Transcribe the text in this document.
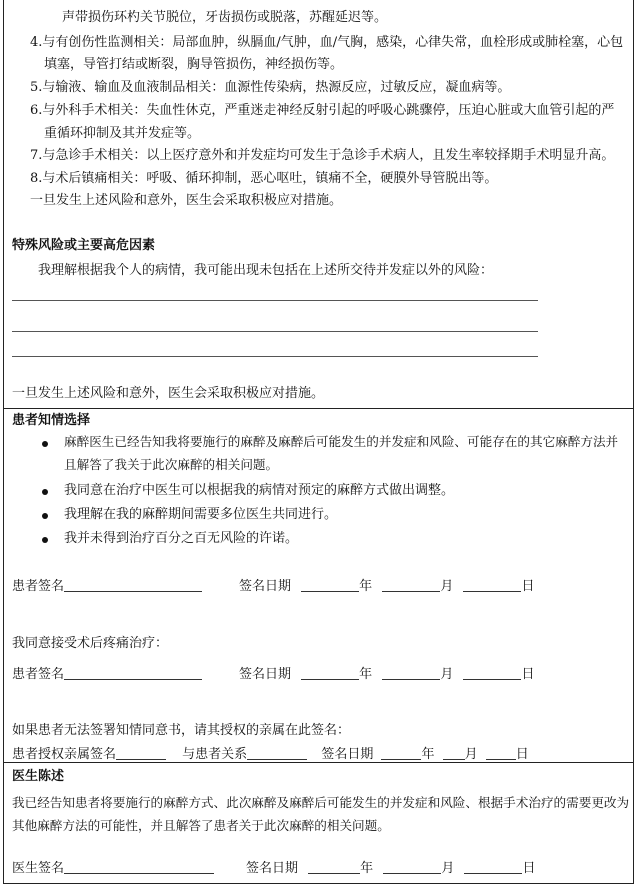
声带损伤环杓关节脱位，牙齿损伤或脱落，苏醒延迟等。
4.与有创伤性监测相关：局部血肿，纵膈血/气肿，血/气胸，感染，心律失常，血栓形成或肺栓塞，心包
填塞，导管打结或断裂，胸导管损伤，神经损伤等。
5.与输液、输血及血液制品相关：血源性传染病，热源反应，过敏反应，凝血病等。
6.与外科手术相关：失血性休克，严重迷走神经反射引起的呼吸心跳骤停，压迫心脏或大血管引起的严
重循环抑制及其并发症等。
7.与急诊手术相关：以上医疗意外和并发症均可发生于急诊手术病人，且发生率较择期手术明显升高。
8.与术后镇痛相关：呼吸、循环抑制，恶心呕吐，镇痛不全，硬膜外导管脱出等。
一旦发生上述风险和意外，医生会采取积极应对措施。
特殊风险或主要高危因素
我理解根据我个人的病情，我可能出现未包括在上述所交待并发症以外的风险：
一旦发生上述风险和意外，医生会采取积极应对措施。
患者知情选择
麻醉医生已经告知我将要施行的麻醉及麻醉后可能发生的并发症和风险、可能存在的其它麻醉方法并且解答了我关于此次麻醉的相关问题。
我同意在治疗中医生可以根据我的病情对预定的麻醉方式做出调整。
我理解在我的麻醉期间需要多位医生共同进行。
我并未得到治疗百分之百无风险的许诺。
患者签名	签名日期	年	月	日
我同意接受术后疼痛治疗：
患者签名	签名日期	年	月	日
如果患者无法签署知情同意书，请其授权的亲属在此签名：
患者授权亲属签名	与患者关系	签名日期	年 月	日
医生陈述
我已经告知患者将要施行的麻醉方式、此次麻醉及麻醉后可能发生的并发症和风险、根据手术治疗的需要更改为其他麻醉方法的可能性，并且解答了患者关于此次麻醉的相关问题。
医生签名	签名日期	年	月	日
